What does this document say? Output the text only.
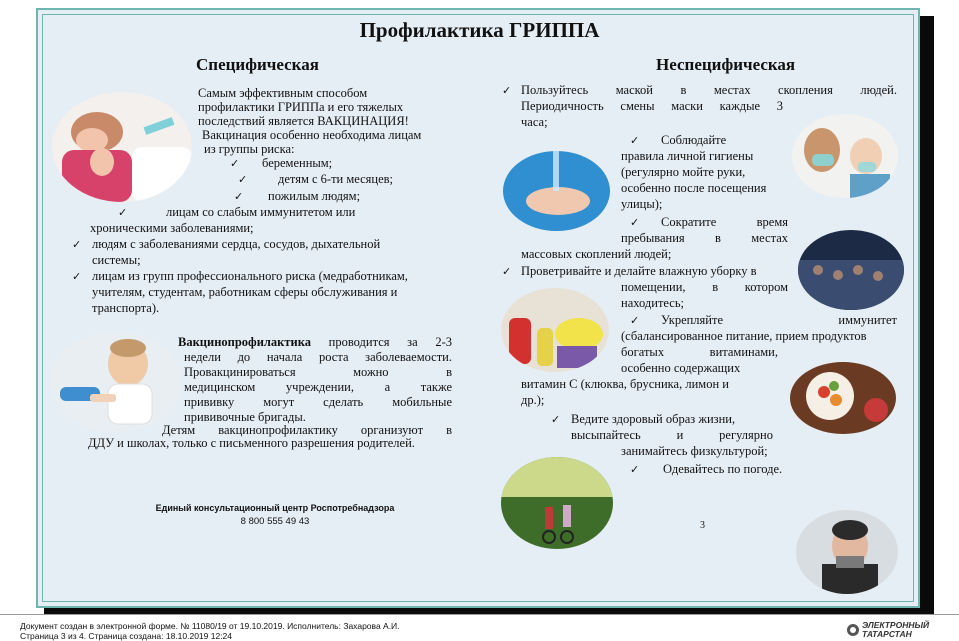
Профилактика ГРИППА
Специфическая
Самым эффективным способом
профилактики ГРИППа и его тяжелых
последствий является ВАКЦИНАЦИЯ!
Вакцинация особенно необходима лицам
из группы риска:
✓ беременным;
✓ детям с 6-ти месяцев;
✓ пожилым людям;
✓	лицам со слабым иммунитетом или
хроническими заболеваниями;
✓ людям с заболеваниями сердца, сосудов, дыхательной
системы;
✓ лицам из групп профессионального риска (медработникам,
учителям, студентам, работникам сферы обслуживания и
транспорта).
Вакцинопрофилактика проводится за 2-3
недели до начала роста заболеваемости.
Провакцинироваться можно в
медицинском учреждении, а также
прививку могут сделать мобильные
прививочные бригады.
Детям вакцинопрофилактику организуют в
ДДУ и школах, только с письменного разрешения родителей.
Единый консультационный центр Роспотребнадзора
8 800 555 49 43
Неспецифическая
✓ Пользуйтесь маской в местах скопления людей.
Периодичность смены маски каждые 3
часа;
✓ Соблюдайте
правила личной гигиены
(регулярно мойте руки,
особенно после посещения
улицы);
✓ Сократите время
пребывания в местах
массовых скоплений людей;
✓ Проветривайте и делайте влажную уборку в
помещении, в котором
находитесь;
✓ Укрепляйте иммунитет
(сбалансированное питание, прием продуктов
богатых витаминами,
особенно содержащих
витамин С (клюква, брусника, лимон и
др.);
✓ Ведите здоровый образ жизни,
высыпайтесь и регулярно
занимайтесь физкультурой;
✓ Одевайтесь по погоде.
3
Документ создан в электронной форме. № 11080/19 от 19.10.2019. Исполнитель: Захарова А.И.
Страница 3 из 4. Страница создана: 18.10.2019 12:24
ЭЛЕКТРОННЫЙ
ТАТАРСТАН
